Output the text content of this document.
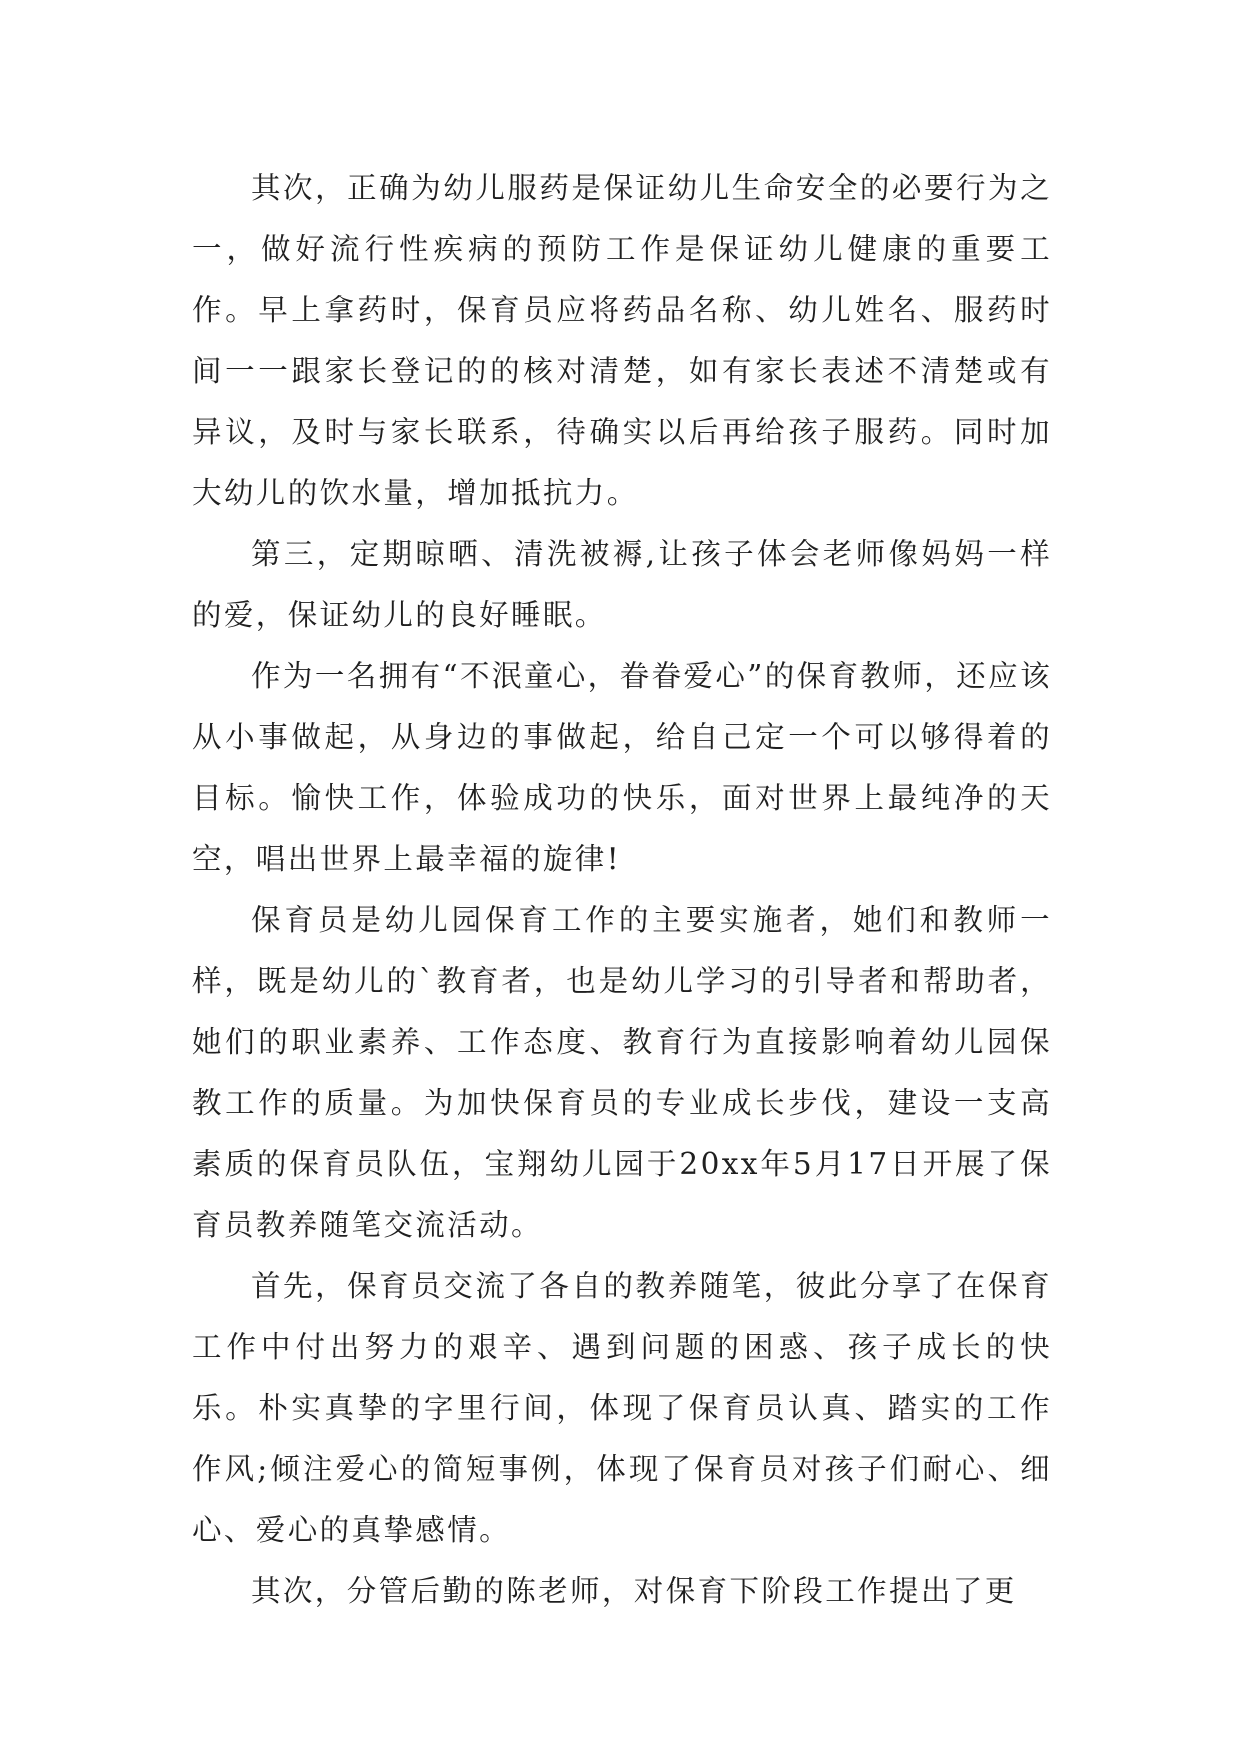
其次，正确为幼儿服药是保证幼儿生命安全的必要行为之一，做好流行性疾病的预防工作是保证幼儿健康的重要工作。早上拿药时，保育员应将药品名称、幼儿姓名、服药时间一一跟家长登记的的核对清楚，如有家长表述不清楚或有异议，及时与家长联系，待确实以后再给孩子服药。同时加大幼儿的饮水量，增加抵抗力。

第三，定期晾晒、清洗被褥,让孩子体会老师像妈妈一样的爱，保证幼儿的良好睡眠。

作为一名拥有“不泯童心，眷眷爱心”的保育教师，还应该从小事做起，从身边的事做起，给自己定一个可以够得着的目标。愉快工作，体验成功的快乐，面对世界上最纯净的天空，唱出世界上最幸福的旋律!

保育员是幼儿园保育工作的主要实施者，她们和教师一样，既是幼儿的`教育者，也是幼儿学习的引导者和帮助者，她们的职业素养、工作态度、教育行为直接影响着幼儿园保教工作的质量。为加快保育员的专业成长步伐，建设一支高素质的保育员队伍，宝翔幼儿园于20xx年5月17日开展了保育员教养随笔交流活动。

首先，保育员交流了各自的教养随笔，彼此分享了在保育工作中付出努力的艰辛、遇到问题的困惑、孩子成长的快乐。朴实真挚的字里行间，体现了保育员认真、踏实的工作作风;倾注爱心的简短事例，体现了保育员对孩子们耐心、细心、爱心的真挚感情。

其次，分管后勤的陈老师，对保育下阶段工作提出了更
